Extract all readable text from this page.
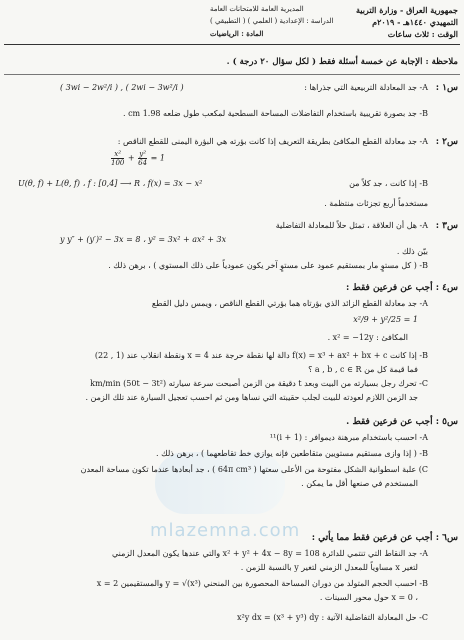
mlazemna.com
جمهورية العراق - وزارة التربية
التمهيدي ١٤٤٠هـ - ٢٠١٩م
الوقت : ثلاث ساعات
المديرية العامة للامتحانات العامة
الدراسة : الإعدادية ( العلمي ) ( التطبيقي )
المادة : الرياضيات
ملاحظة : الإجابة عن خمسة أسئلة فقط ( لكل سؤال ٢٠ درجة ) .
س١ :
A- جد المعادلة التربيعية التي جذراها :
( 3wi − 2w²/i ) , ( 2wi − 3w²/i )
B- جد بصورة تقريبية باستخدام التفاضلات المساحة السطحية لمكعب طول ضلعه 1.98 cm .
س٢ :
A- جد معادلة القطع المكافئ بطريقة التعريف إذا كانت بؤرته هي البؤرة اليمنى للقطع الناقص :
$\frac{\text{x²}}{100} + \frac{\text{y²}}{64} = 1$
U(θ, f) + L(θ, f) ، f : [0,4] ⟶ R ، f(x) = 3x − x²	B- إذا كانت ، جد كلاً من
مستخدماً أربع تجزئات منتظمة .
س٣ :
y y″ + (y′)² − 3x = 8 ، y² = 3x² + ax² + 3x
A- هل أن العلاقة ، تمثل حلاً للمعادلة التفاضلية
بيّن ذلك .
B- ( كل مستوٍ مار بمستقيم عمود على مستوٍ آخر يكون عمودياً على ذلك المستوي ) ، برهن ذلك .
س٤ : أجب عن فرعين فقط :
A- جد معادلة القطع الزائد الذي بؤرتاه هما بؤرتي القطع الناقص ، ويمس دليل القطع
x²/9 + y²/25 = 1
المكافئ : x² = −12y .
B- إذا كانت f(x) = x³ + ax² + bx + c دالة لها نقطة حرجة عند x = 4 ونقطة انقلاب عند (1 , 22)
فما قيمة كل من a , b , c ∈ R ؟
C- تحرك رجل بسيارته من البيت وبعد t دقيقة من الزمن أصبحت سرعة سيارته (50t − 3t²) km/min
جد الزمن اللازم لعودته للبيت لجلب حقيبته التي نساها ومن ثم احسب تعجيل السيارة عند تلك الزمن .
س٥ : أجب عن فرعين فقط .
A- احسب باستخدام مبرهنة ديموافر : (1 + i)¹¹
B- ( إذا وازى مستقيم مستويين متقاطعين فإنه يوازي خط تقاطعهما ) ، برهن ذلك .
C) علبة اسطوانية الشكل مفتوحة من الأعلى سعتها ( 64π cm³ ) ، جد أبعادها عندما تكون مساحة المعدن
المستخدم في صنعها أقل ما يمكن .
س٦ : أجب عن فرعين فقط مما يأتي :
A- جد النقاط التي تنتمي للدائرة x² + y² + 4x − 8y = 108 والتي عندها يكون المعدل الزمني
لتغير x مساوياً للمعدل الزمني لتغير y بالنسبة للزمن .
B- احسب الحجم المتولد من دوران المساحة المحصورة بين المنحني y = √(x³) والمستقيمين x = 2
، x = 0 حول محور السينات .
C- حل المعادلة التفاضلية الآتية : x²y dx = (x³ + y³) dy
